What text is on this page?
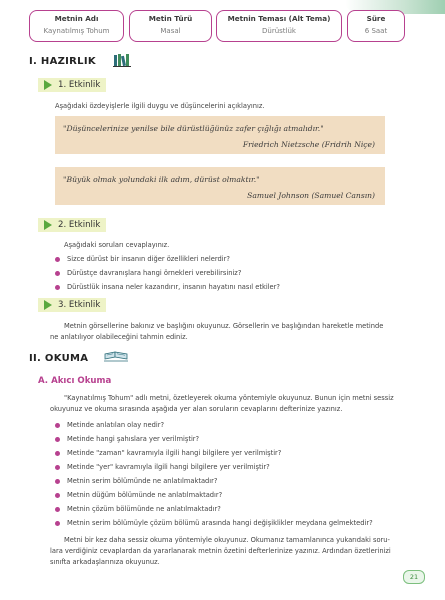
Metnin Adı
Kaynatılmış Tohum
Metin Türü
Masal
Metnin Teması (Alt Tema)
Dürüstlük
Süre
6 Saat
I. HAZIRLIK
1. Etkinlik
Aşağıdaki özdeyişlerle ilgili duygu ve düşüncelerini açıklayınız.
"Düşüncelerinize yenilse bile dürüstlüğünüz zafer çığlığı atmalıdır."
Friedrich Nietzsche (Fridrih Niçe)
"Büyük olmak yolundaki ilk adım, dürüst olmaktır."
Samuel Johnson (Samuel Cansın)
2. Etkinlik
Aşağıdaki soruları cevaplayınız.
Sizce dürüst bir insanın diğer özellikleri nelerdir?
Dürüstçe davranışlara hangi örnekleri verebilirsiniz?
Dürüstlük insana neler kazandırır, insanın hayatını nasıl etkiler?
3. Etkinlik
Metnin görsellerine bakınız ve başlığını okuyunuz. Görsellerin ve başlığından hareketle metinde
ne anlatılıyor olabileceğini tahmin ediniz.
II. OKUMA
A. Akıcı Okuma
"Kaynatılmış Tohum" adlı metni, özetleyerek okuma yöntemiyle okuyunuz. Bunun için metni sessiz
okuyunuz ve okuma sırasında aşağıda yer alan soruların cevaplarını defterinize yazınız.
Metinde anlatılan olay nedir?
Metinde hangi şahıslara yer verilmiştir?
Metinde "zaman" kavramıyla ilgili hangi bilgilere yer verilmiştir?
Metinde "yer" kavramıyla ilgili hangi bilgilere yer verilmiştir?
Metnin serim bölümünde ne anlatılmaktadır?
Metnin düğüm bölümünde ne anlatılmaktadır?
Metnin çözüm bölümünde ne anlatılmaktadır?
Metnin serim bölümüyle çözüm bölümü arasında hangi değişiklikler meydana gelmektedir?
Metni bir kez daha sessiz okuma yöntemiyle okuyunuz. Okumanız tamamlanınca yukarıdaki soru-
lara verdiğiniz cevaplardan da yararlanarak metnin özetini defterlerinize yazınız. Ardından özetlerinizi
sınıfta arkadaşlarınıza okuyunuz.
21
